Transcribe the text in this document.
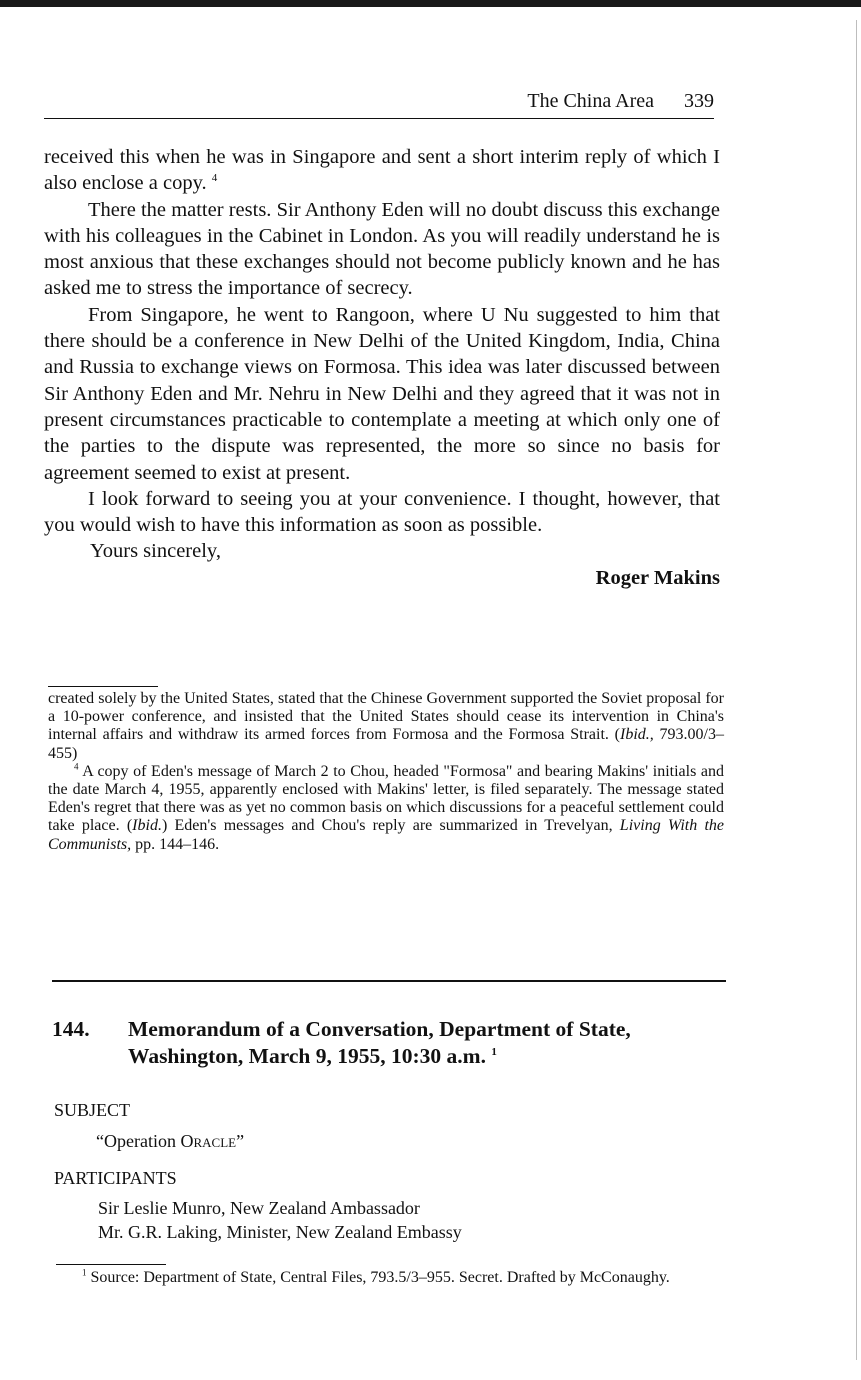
The China Area 339

received this when he was in Singapore and sent a short interim reply of which I also enclose a copy. $^4$

There the matter rests. Sir Anthony Eden will no doubt discuss this exchange with his colleagues in the Cabinet in London. As you will readily understand he is most anxious that these exchanges should not become publicly known and he has asked me to stress the importance of secrecy.

From Singapore, he went to Rangoon, where U Nu suggested to him that there should be a conference in New Delhi of the United Kingdom, India, China and Russia to exchange views on Formosa. This idea was later discussed between Sir Anthony Eden and Mr. Nehru in New Delhi and they agreed that it was not in present circumstances practicable to contemplate a meeting at which only one of the parties to the dispute was represented, the more so since no basis for agreement seemed to exist at present.

I look forward to seeing you at your convenience. I thought, however, that you would wish to have this information as soon as possible.

Yours sincerely,

Roger Makins

created solely by the United States, stated that the Chinese Government supported the Soviet proposal for a 10-power conference, and insisted that the United States should cease its intervention in China's internal affairs and withdraw its armed forces from Formosa and the Formosa Strait. (Ibid., 793.00/3–455)

$^4$ A copy of Eden's message of March 2 to Chou, headed "Formosa" and bearing Makins' initials and the date March 4, 1955, apparently enclosed with Makins' letter, is filed separately. The message stated Eden's regret that there was as yet no common basis on which discussions for a peaceful settlement could take place. (Ibid.) Eden's messages and Chou's reply are summarized in Trevelyan, Living With the Communists, pp. 144–146.

144. Memorandum of a Conversation, Department of State, Washington, March 9, 1955, 10:30 a.m. $^1$
SUBJECT
“Operation Oracle”
PARTICIPANTS
Sir Leslie Munro, New Zealand Ambassador
Mr. G.R. Laking, Minister, New Zealand Embassy

$^1$ Source: Department of State, Central Files, 793.5/3–955. Secret. Drafted by McConaughy.
